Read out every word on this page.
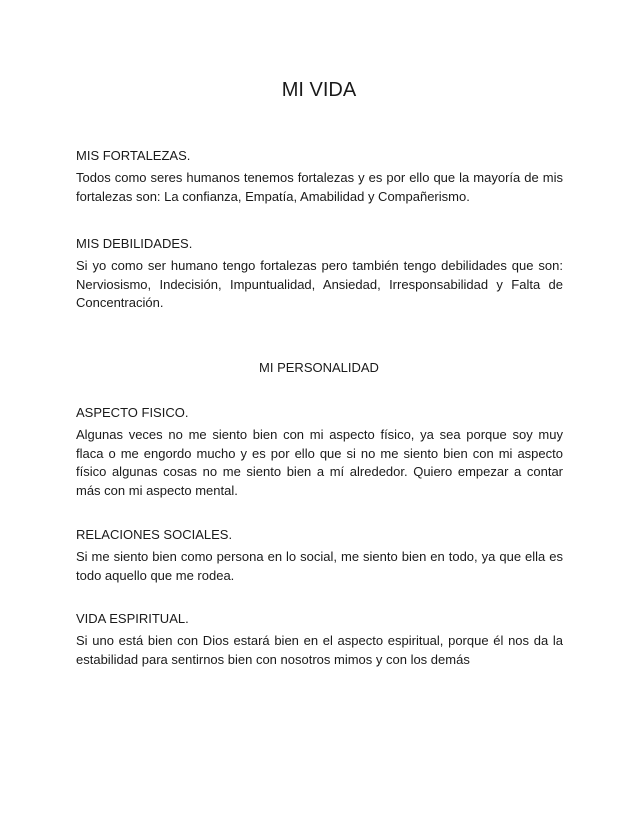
MI VIDA

MIS FORTALEZAS.

Todos como seres humanos tenemos fortalezas y es por ello que la mayoría de mis fortalezas son: La confianza, Empatía, Amabilidad y Compañerismo.

MIS DEBILIDADES.

Si yo como ser humano tengo fortalezas pero también tengo debilidades que son: Nerviosismo, Indecisión, Impuntualidad, Ansiedad, Irresponsabilidad y Falta de Concentración.

MI PERSONALIDAD

ASPECTO FISICO.

Algunas veces no me siento bien con mi aspecto físico, ya sea porque soy muy flaca o me engordo mucho y es por ello que si no me siento bien con mi aspecto físico algunas cosas no me siento bien a mí alrededor. Quiero empezar a contar más con mi aspecto mental.

RELACIONES SOCIALES.

Si me siento bien como persona en lo social, me siento bien en todo, ya que ella es todo aquello que me rodea.

VIDA ESPIRITUAL.

Si uno está bien con Dios estará bien en el aspecto espiritual, porque él nos da la estabilidad para sentirnos bien con nosotros mimos y con los demás
